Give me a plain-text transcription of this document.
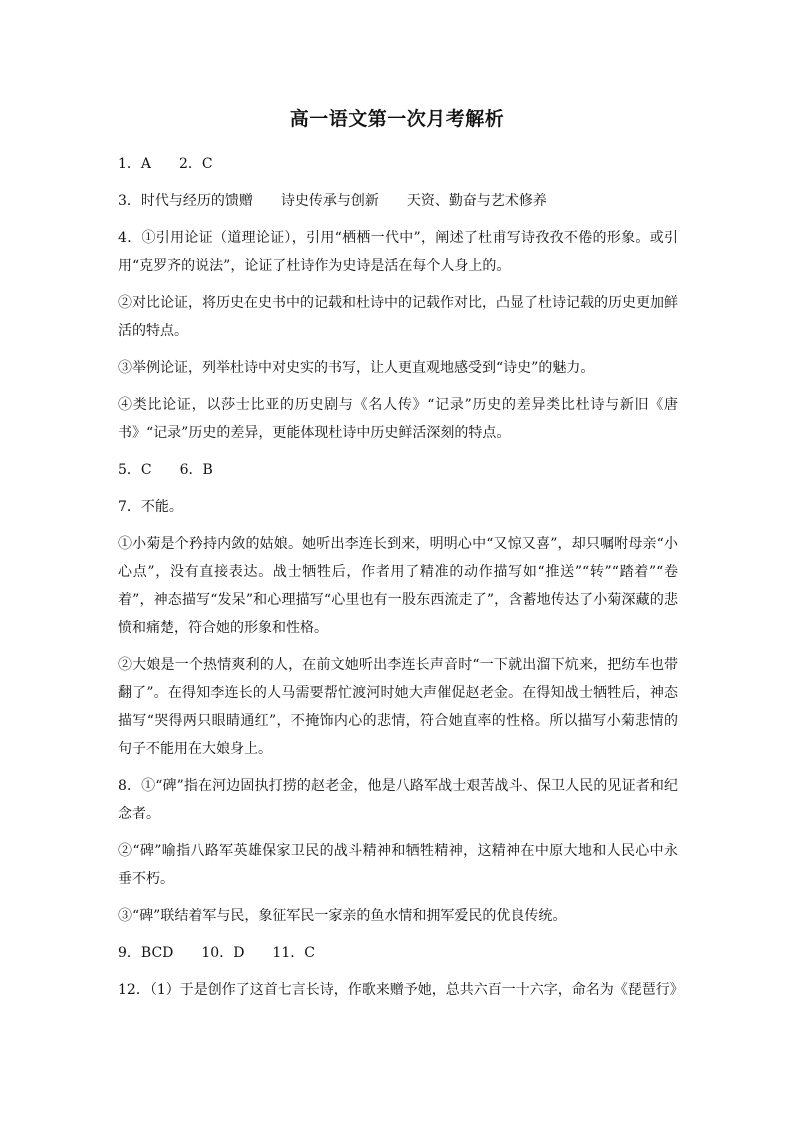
高一语文第一次月考解析

1．A　　2．C

3．时代与经历的馈赠　　诗史传承与创新　　天资、勤奋与艺术修养

4．①引用论证（道理论证），引用“栖栖一代中”，阐述了杜甫写诗孜孜不倦的形象。或引用“克罗齐的说法”，论证了杜诗作为史诗是活在每个人身上的。

②对比论证，将历史在史书中的记载和杜诗中的记载作对比，凸显了杜诗记载的历史更加鲜活的特点。

③举例论证，列举杜诗中对史实的书写，让人更直观地感受到“诗史”的魅力。

④类比论证，以莎士比亚的历史剧与《名人传》“记录”历史的差异类比杜诗与新旧《唐书》“记录”历史的差异，更能体现杜诗中历史鲜活深刻的特点。

5．C　　6．B

7．不能。

①小菊是个矜持内敛的姑娘。她听出李连长到来，明明心中“又惊又喜”，却只嘱咐母亲“小心点”，没有直接表达。战士牺牲后，作者用了精准的动作描写如“推送”“转”“踏着”“卷着”，神态描写“发呆”和心理描写“心里也有一股东西流走了”，含蓄地传达了小菊深藏的悲愤和痛楚，符合她的形象和性格。

②大娘是一个热情爽利的人，在前文她听出李连长声音时“一下就出溜下炕来，把纺车也带翻了”。在得知李连长的人马需要帮忙渡河时她大声催促赵老金。在得知战士牺牲后，神态描写“哭得两只眼睛通红”，不掩饰内心的悲情，符合她直率的性格。所以描写小菊悲情的句子不能用在大娘身上。

8．①“碑”指在河边固执打捞的赵老金，他是八路军战士艰苦战斗、保卫人民的见证者和纪念者。

②“碑”喻指八路军英雄保家卫民的战斗精神和牺牲精神，这精神在中原大地和人民心中永垂不朽。

③“碑”联结着军与民，象征军民一家亲的鱼水情和拥军爱民的优良传统。

9．BCD　　10．D　　11．C

12．（1）于是创作了这首七言长诗，作歌来赠予她，总共六百一十六字，命名为《琵琶行》
